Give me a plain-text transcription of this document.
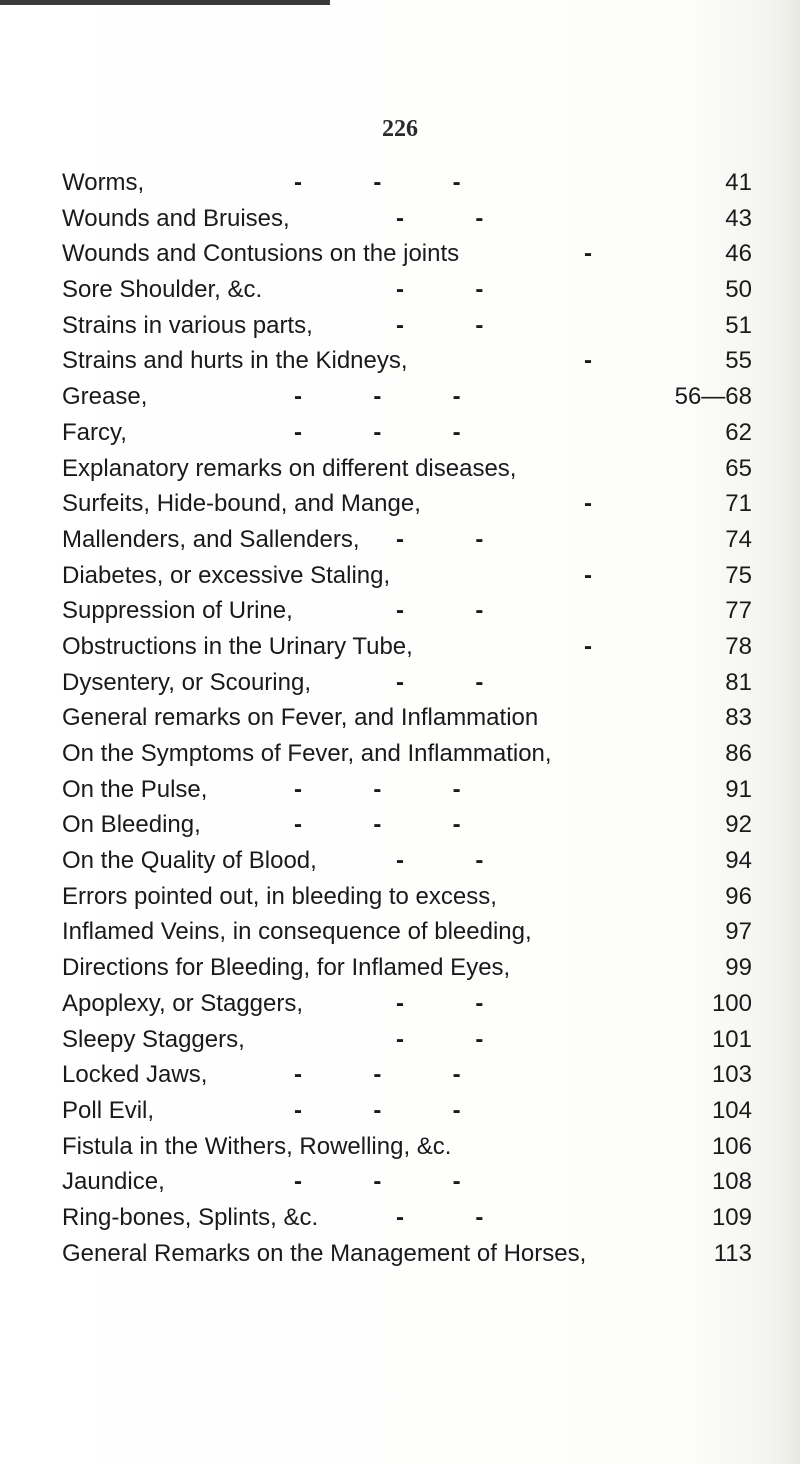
226
Worms,	-        -        -	41
Wounds and Bruises,	-        -	43
Wounds and Contusions on the joints	-	46
Sore Shoulder, &c.	-        -	50
Strains in various parts,	-        -	51
Strains and hurts in the Kidneys,	-	55
Grease,	-        -        -	56—68
Farcy,	-        -        -	62
Explanatory remarks on different diseases,	65
Surfeits, Hide-bound, and Mange,	-	71
Mallenders, and Sallenders, -        -	74
Diabetes, or excessive Staling,	-	75
Suppression of Urine,	-        -	77
Obstructions in the Urinary Tube,	-	78
Dysentery, or Scouring,	-        -	81
General remarks on Fever, and Inflammation	83
On the Symptoms of Fever, and Inflammation,	86
On the Pulse,	-        -        -	91
On Bleeding,	-        -        -	92
On the Quality of Blood,	-        -	94
Errors pointed out, in bleeding to excess,	96
Inflamed Veins, in consequence of bleeding,	97
Directions for Bleeding, for Inflamed Eyes,	99
Apoplexy, or Staggers,	-        -	100
Sleepy Staggers,	-        -	101
Locked Jaws,	-        -        -	103
Poll Evil,	-        -        -	104
Fistula in the Withers, Rowelling, &c.	106
Jaundice,	-        -        -	108
Ring-bones, Splints, &c.	-        -	109
General Remarks on the Management of Horses,	113
